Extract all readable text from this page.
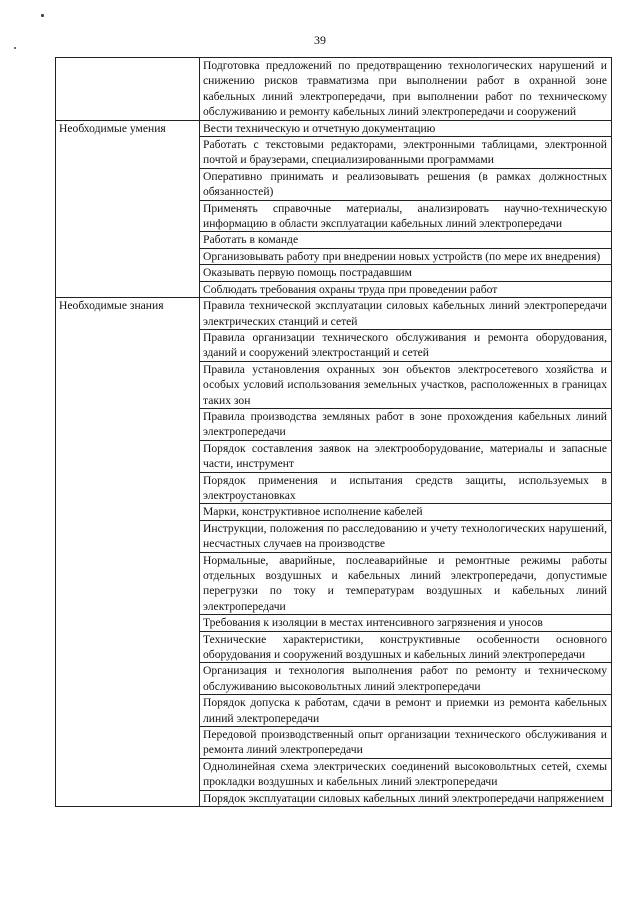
39
	Подготовка предложений по предотвращению технологических нарушений и снижению рисков травматизма при выполнении работ в охранной зоне кабельных линий электропередачи, при выполнении работ по техническому обслуживанию и ремонту кабельных линий электропередачи и сооружений
Необходимые умения	Вести техническую и отчетную документацию
	Работать с текстовыми редакторами, электронными таблицами, электронной почтой и браузерами, специализированными программами
	Оперативно принимать и реализовывать решения (в рамках должностных обязанностей)
	Применять справочные материалы, анализировать научно-техническую информацию в области эксплуатации кабельных линий электропередачи
	Работать в команде
	Организовывать работу при внедрении новых устройств (по мере их внедрения)
	Оказывать первую помощь пострадавшим
	Соблюдать требования охраны труда при проведении работ
Необходимые знания	Правила технической эксплуатации силовых кабельных линий электропередачи электрических станций и сетей
	Правила организации технического обслуживания и ремонта оборудования, зданий и сооружений электростанций и сетей
	Правила установления охранных зон объектов электросетевого хозяйства и особых условий использования земельных участков, расположенных в границах таких зон
	Правила производства земляных работ в зоне прохождения кабельных линий электропередачи
	Порядок составления заявок на электрооборудование, материалы и запасные части, инструмент
	Порядок применения и испытания средств защиты, используемых в электроустановках
	Марки, конструктивное исполнение кабелей
	Инструкции, положения по расследованию и учету технологических нарушений, несчастных случаев на производстве
	Нормальные, аварийные, послеаварийные и ремонтные режимы работы отдельных воздушных и кабельных линий электропередачи, допустимые перегрузки по току и температурам воздушных и кабельных линий электропередачи
	Требования к изоляции в местах интенсивного загрязнения и уносов
	Технические характеристики, конструктивные особенности основного оборудования и сооружений воздушных и кабельных линий электропередачи
	Организация и технология выполнения работ по ремонту и техническому обслуживанию высоковольтных линий электропередачи
	Порядок допуска к работам, сдачи в ремонт и приемки из ремонта кабельных линий электропередачи
	Передовой производственный опыт организации технического обслуживания и ремонта линий электропередачи
	Однолинейная схема электрических соединений высоковольтных сетей, схемы прокладки воздушных и кабельных линий электропередачи
	Порядок эксплуатации силовых кабельных линий электропередачи напряжением
